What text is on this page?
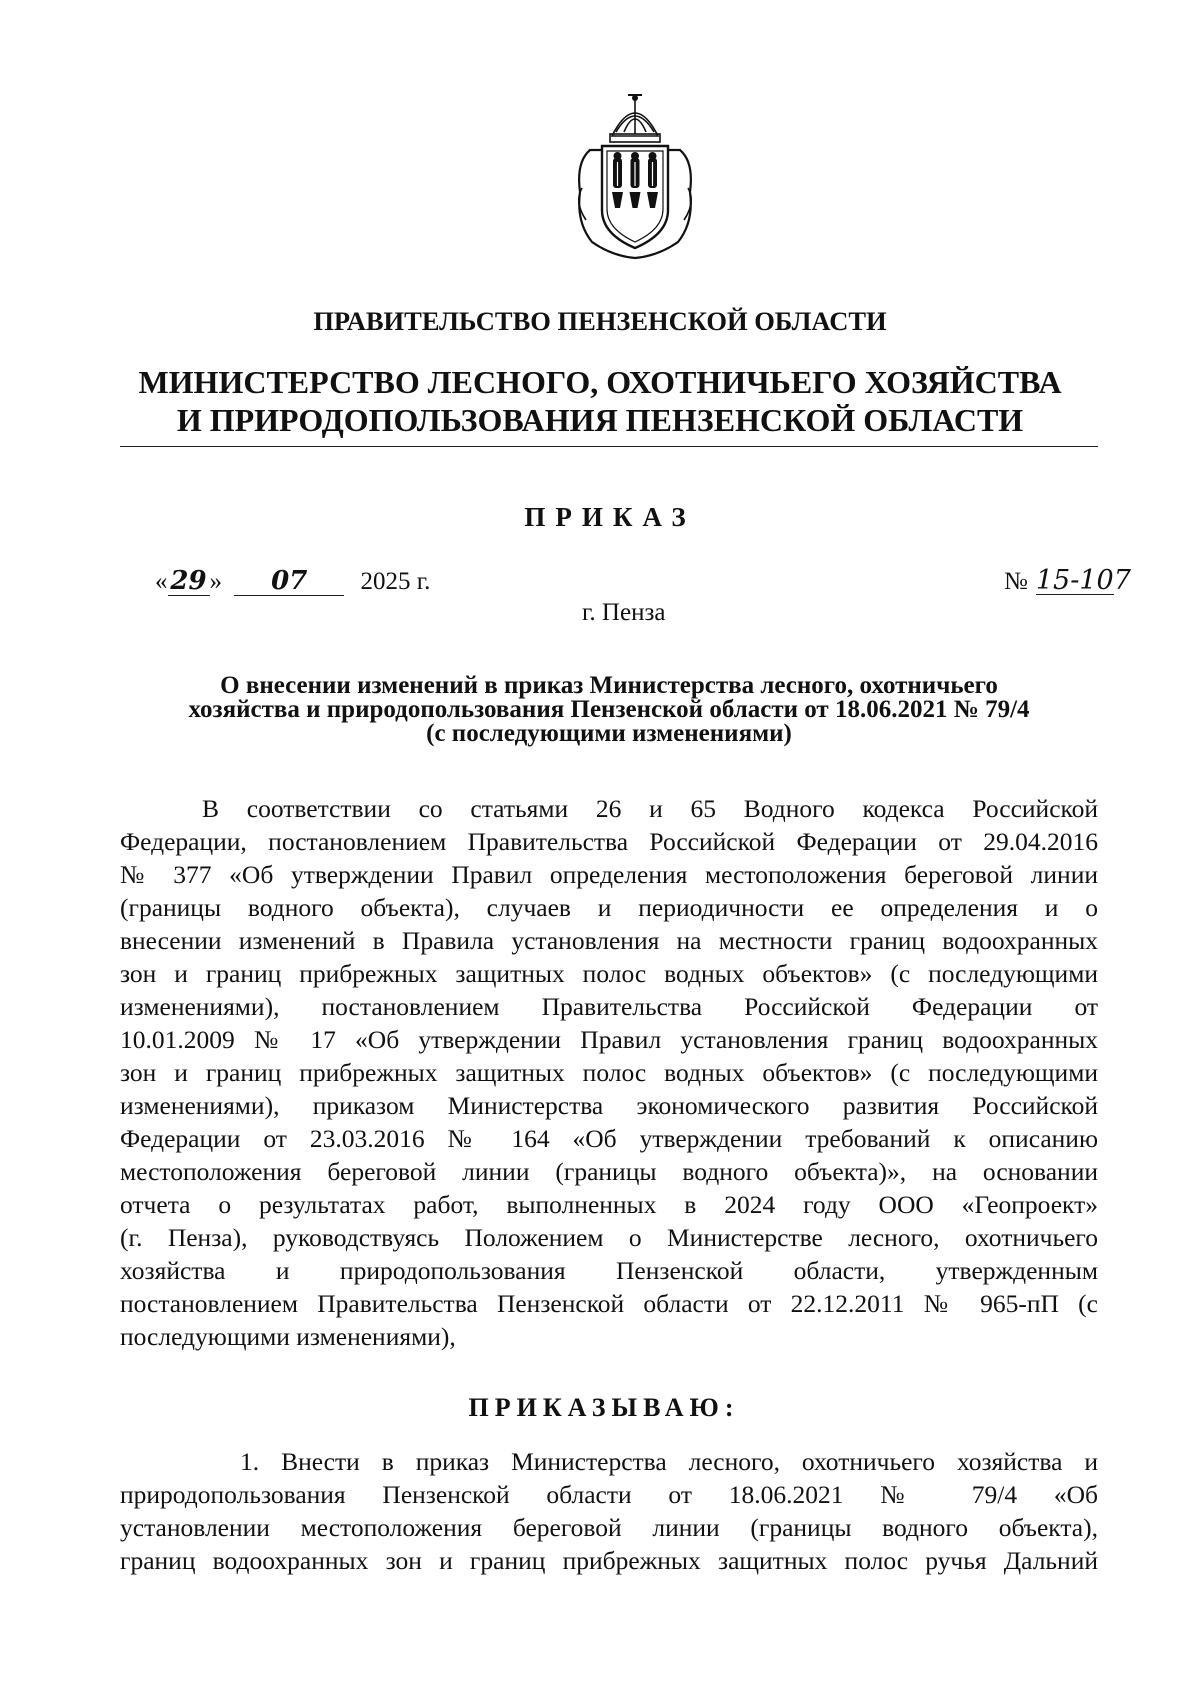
ПРАВИТЕЛЬСТВО ПЕНЗЕНСКОЙ ОБЛАСТИ
МИНИСТЕРСТВО ЛЕСНОГО, ОХОТНИЧЬЕГО ХОЗЯЙСТВА
И ПРИРОДОПОЛЬЗОВАНИЯ ПЕНЗЕНСКОЙ ОБЛАСТИ
ПРИКАЗ
« 29 » 07 2025 г.	№ 15-107
г. Пенза
О внесении изменений в приказ Министерства лесного, охотничьего
хозяйства и природопользования Пензенской области от 18.06.2021 № 79/4
(с последующими изменениями)
В соответствии со статьями 26 и 65 Водного кодекса Российской
Федерации, постановлением Правительства Российской Федерации от 29.04.2016
№ 377 «Об утверждении Правил определения местоположения береговой линии
(границы водного объекта), случаев и периодичности ее определения и о
внесении изменений в Правила установления на местности границ водоохранных
зон и границ прибрежных защитных полос водных объектов» (с последующими
изменениями), постановлением Правительства Российской Федерации от
10.01.2009 № 17 «Об утверждении Правил установления границ водоохранных
зон и границ прибрежных защитных полос водных объектов» (с последующими
изменениями), приказом Министерства экономического развития Российской
Федерации от 23.03.2016 № 164 «Об утверждении требований к описанию
местоположения береговой линии (границы водного объекта)», на основании
отчета о результатах работ, выполненных в 2024 году ООО «Геопроект»
(г. Пенза), руководствуясь Положением о Министерстве лесного, охотничьего
хозяйства и природопользования Пензенской области, утвержденным
постановлением Правительства Пензенской области от 22.12.2011 № 965-пП (с
последующими изменениями),
ПРИКАЗЫВАЮ:
1. Внести в приказ Министерства лесного, охотничьего хозяйства и
природопользования Пензенской области от 18.06.2021 № 79/4 «Об
установлении местоположения береговой линии (границы водного объекта),
границ водоохранных зон и границ прибрежных защитных полос ручья Дальний
